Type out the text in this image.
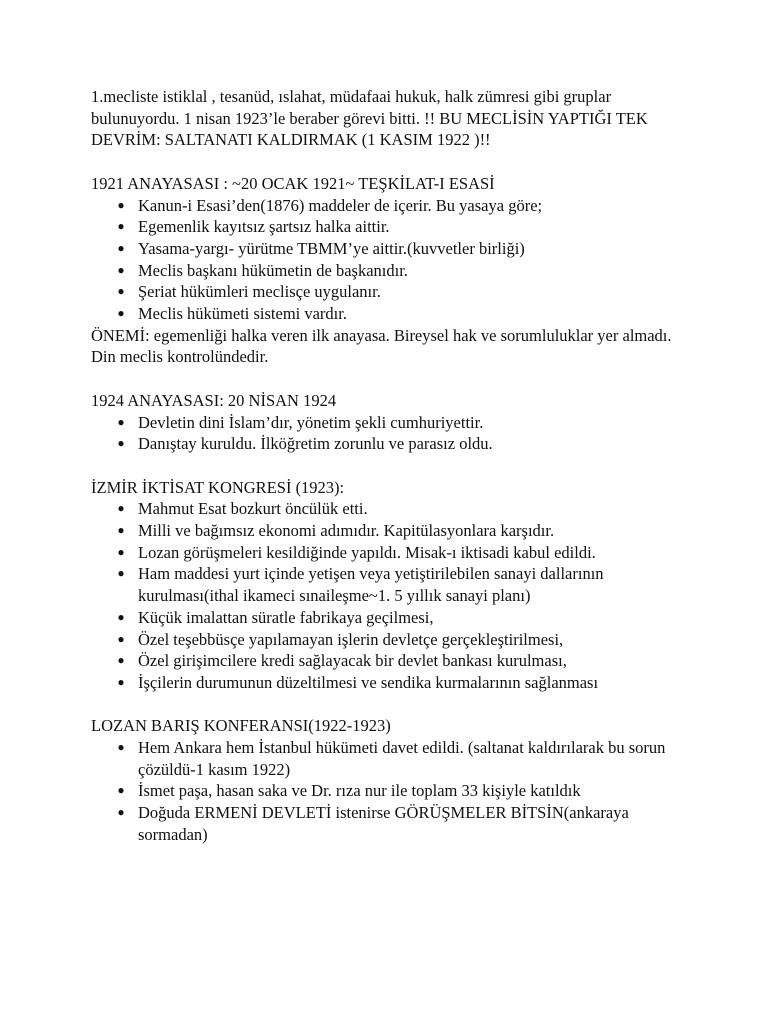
1.mecliste istiklal , tesanüd, ıslahat, müdafaai hukuk, halk zümresi gibi gruplar bulunuyordu. 1 nisan 1923’le beraber görevi bitti. !! BU MECLİSİN YAPTIĞI TEK DEVRİM: SALTANATI KALDIRMAK (1 KASIM 1922 )!!

1921 ANAYASASI : ~20 OCAK 1921~ TEŞKİLAT-I ESASİ

● Kanun-i Esasi’den(1876) maddeler de içerir. Bu yasaya göre;
● Egemenlik kayıtsız şartsız halka aittir.
● Yasama-yargı- yürütme TBMM’ye aittir.(kuvvetler birliği)
● Meclis başkanı hükümetin de başkanıdır.
● Şeriat hükümleri meclisçe uygulanır.
● Meclis hükümeti sistemi vardır.

ÖNEMİ: egemenliği halka veren ilk anayasa. Bireysel hak ve sorumluluklar yer almadı. Din meclis kontrolündedir.

1924 ANAYASASI: 20 NİSAN 1924

● Devletin dini İslam’dır, yönetim şekli cumhuriyettir.
● Danıştay kuruldu. İlköğretim zorunlu ve parasız oldu.

İZMİR İKTİSAT KONGRESİ (1923):

● Mahmut Esat bozkurt öncülük etti.
● Milli ve bağımsız ekonomi adımıdır. Kapitülasyonlara karşıdır.
● Lozan görüşmeleri kesildiğinde yapıldı. Misak-ı iktisadi kabul edildi.
● Ham maddesi yurt içinde yetişen veya yetiştirilebilen sanayi dallarının kurulması(ithal ikameci sınaileşme~1. 5 yıllık sanayi planı)
● Küçük imalattan süratle fabrikaya geçilmesi,
● Özel teşebbüsçe yapılamayan işlerin devletçe gerçekleştirilmesi,
● Özel girişimcilere kredi sağlayacak bir devlet bankası kurulması,
● İşçilerin durumunun düzeltilmesi ve sendika kurmalarının sağlanması

LOZAN BARIŞ KONFERANSI(1922-1923)

● Hem Ankara hem İstanbul hükümeti davet edildi. (saltanat kaldırılarak bu sorun çözüldü-1 kasım 1922)
● İsmet paşa, hasan saka ve Dr. rıza nur ile toplam 33 kişiyle katıldık
● Doğuda ERMENİ DEVLETİ istenirse GÖRÜŞMELER BİTSİN(ankaraya sormadan)
